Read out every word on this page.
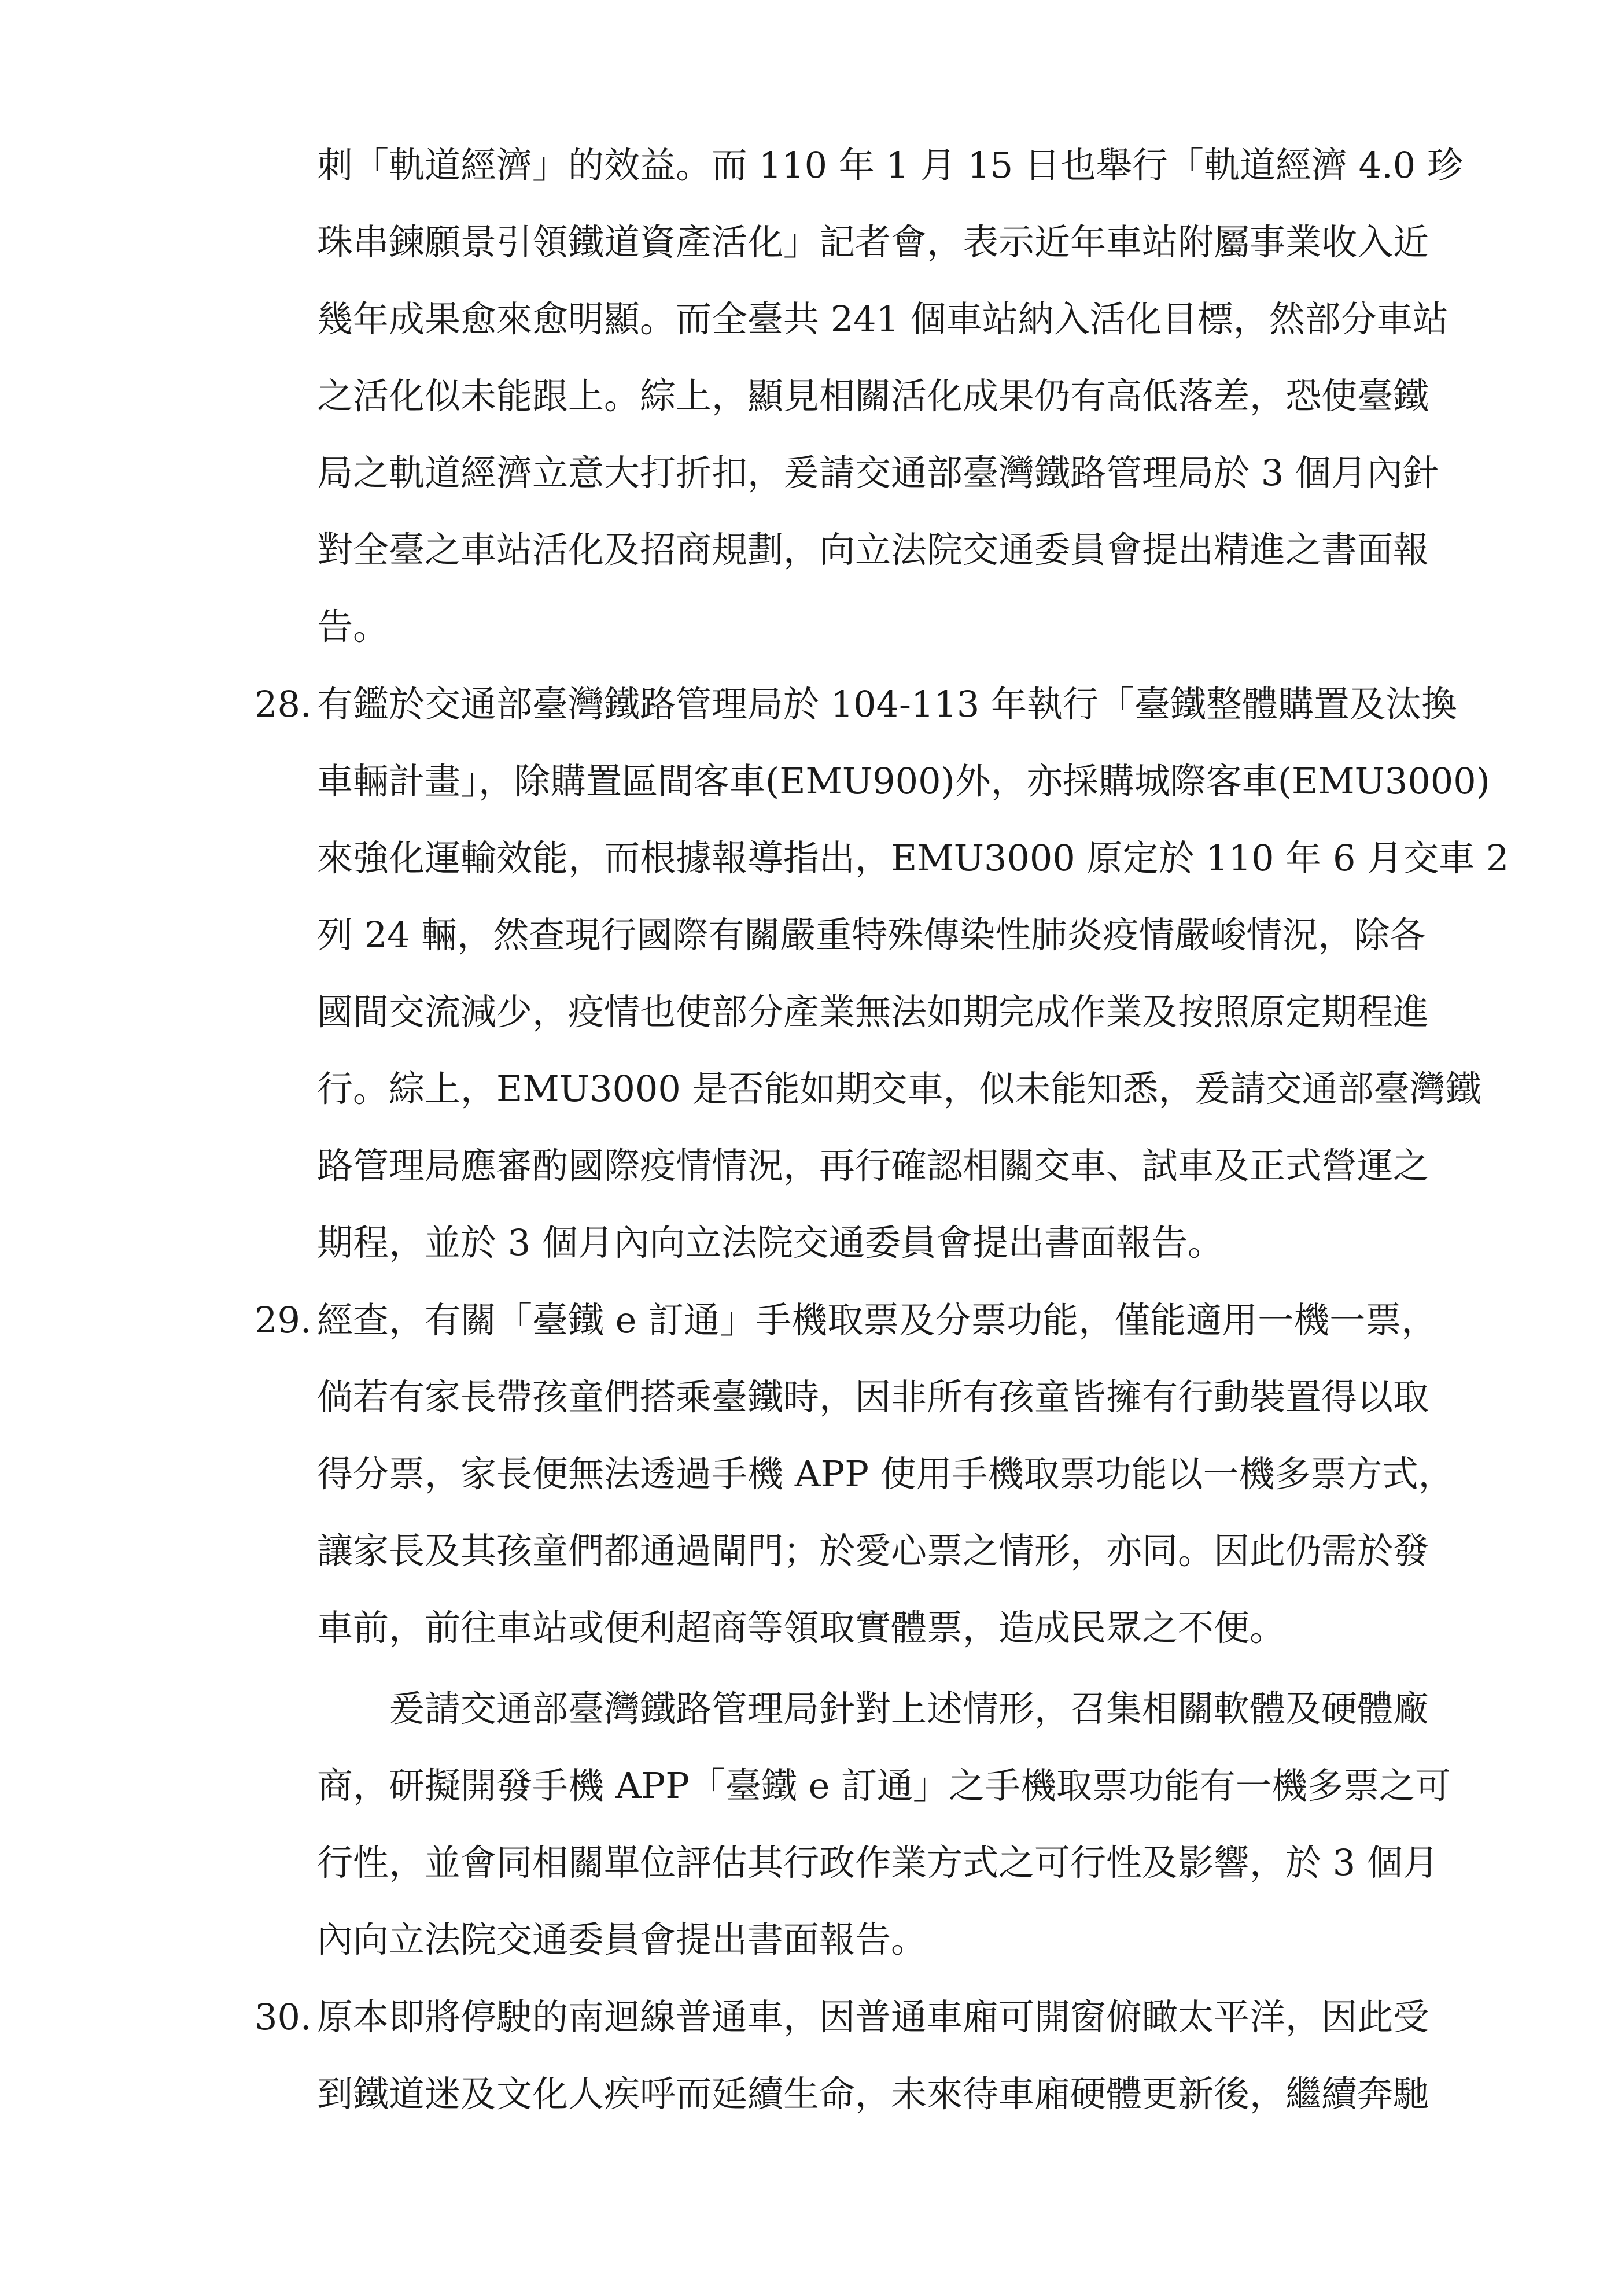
刺「軌道經濟」的效益。而 110 年 1 月 15 日也舉行「軌道經濟 4.0 珍
珠串鍊願景引領鐵道資產活化」記者會，表示近年車站附屬事業收入近
幾年成果愈來愈明顯。而全臺共 241 個車站納入活化目標，然部分車站
之活化似未能跟上。綜上，顯見相關活化成果仍有高低落差，恐使臺鐵
局之軌道經濟立意大打折扣，爰請交通部臺灣鐵路管理局於 3 個月內針
對全臺之車站活化及招商規劃，向立法院交通委員會提出精進之書面報
告。
28. 有鑑於交通部臺灣鐵路管理局於 104-113 年執行「臺鐵整體購置及汰換
車輛計畫」，除購置區間客車(EMU900)外，亦採購城際客車(EMU3000)
來強化運輸效能，而根據報導指出，EMU3000 原定於 110 年 6 月交車 2
列 24 輛，然查現行國際有關嚴重特殊傳染性肺炎疫情嚴峻情況，除各
國間交流減少，疫情也使部分產業無法如期完成作業及按照原定期程進
行。綜上，EMU3000 是否能如期交車，似未能知悉，爰請交通部臺灣鐵
路管理局應審酌國際疫情情況，再行確認相關交車、試車及正式營運之
期程，並於 3 個月內向立法院交通委員會提出書面報告。
29. 經查，有關「臺鐵 e 訂通」手機取票及分票功能，僅能適用一機一票，
倘若有家長帶孩童們搭乘臺鐵時，因非所有孩童皆擁有行動裝置得以取
得分票，家長便無法透過手機 APP 使用手機取票功能以一機多票方式，
讓家長及其孩童們都通過閘門；於愛心票之情形，亦同。因此仍需於發
車前，前往車站或便利超商等領取實體票，造成民眾之不便。
爰請交通部臺灣鐵路管理局針對上述情形，召集相關軟體及硬體廠
商，研擬開發手機 APP「臺鐵 e 訂通」之手機取票功能有一機多票之可
行性，並會同相關單位評估其行政作業方式之可行性及影響，於 3 個月
內向立法院交通委員會提出書面報告。
30. 原本即將停駛的南迴線普通車，因普通車廂可開窗俯瞰太平洋，因此受
到鐵道迷及文化人疾呼而延續生命，未來待車廂硬體更新後，繼續奔馳
